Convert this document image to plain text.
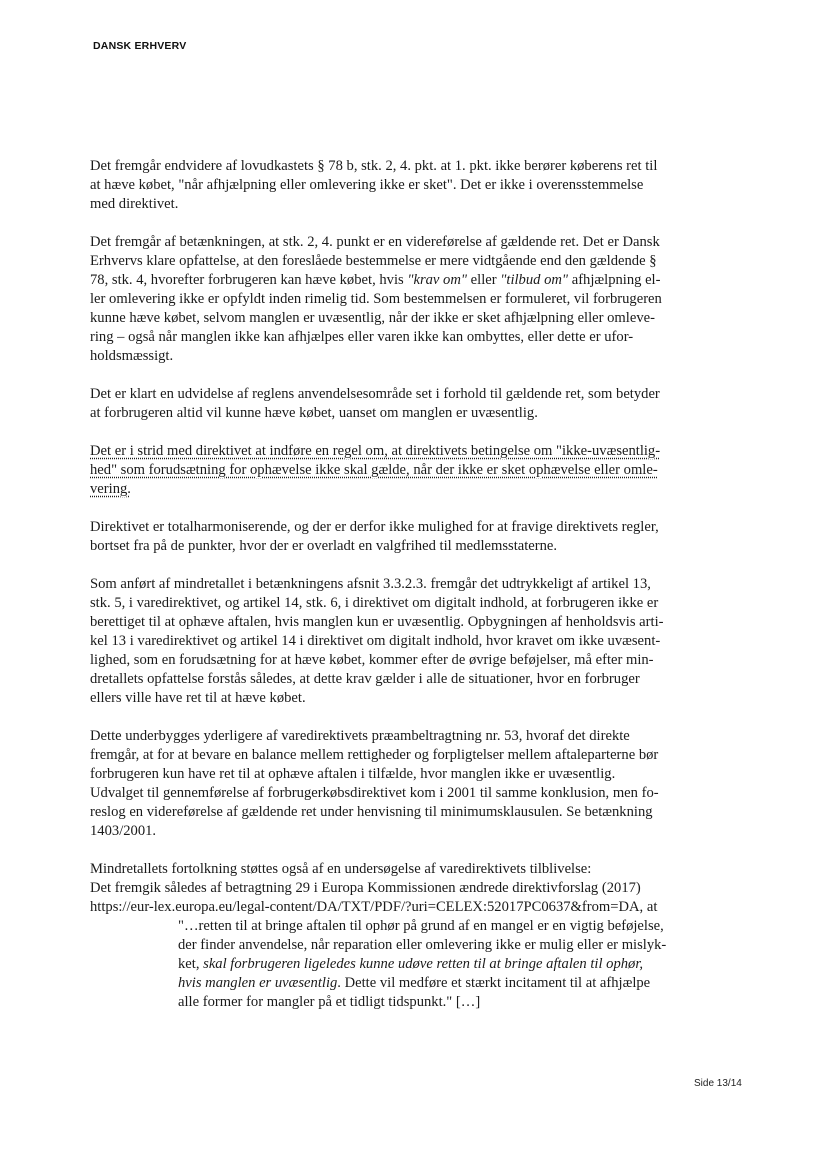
DANSK ERHVERV

Det fremgår endvidere af lovudkastets § 78 b, stk. 2, 4. pkt. at 1. pkt. ikke berører køberens ret til
at hæve købet, "når afhjælpning eller omlevering ikke er sket". Det er ikke i overensstemmelse
med direktivet.

Det fremgår af betænkningen, at stk. 2, 4. punkt er en videreførelse af gældende ret. Det er Dansk
Erhvervs klare opfattelse, at den foreslåede bestemmelse er mere vidtgående end den gældende §
78, stk. 4, hvorefter forbrugeren kan hæve købet, hvis "krav om" eller "tilbud om" afhjælpning el-
ler omlevering ikke er opfyldt inden rimelig tid. Som bestemmelsen er formuleret, vil forbrugeren
kunne hæve købet, selvom manglen er uvæsentlig, når der ikke er sket afhjælpning eller omleve-
ring – også når manglen ikke kan afhjælpes eller varen ikke kan ombyttes, eller dette er ufor-
holdsmæssigt.

Det er klart en udvidelse af reglens anvendelsesområde set i forhold til gældende ret, som betyder
at forbrugeren altid vil kunne hæve købet, uanset om manglen er uvæsentlig.

Det er i strid med direktivet at indføre en regel om, at direktivets betingelse om "ikke-uvæsentlig-
hed" som forudsætning for ophævelse ikke skal gælde, når der ikke er sket ophævelse eller omle-
vering.

Direktivet er totalharmoniserende, og der er derfor ikke mulighed for at fravige direktivets regler,
bortset fra på de punkter, hvor der er overladt en valgfrihed til medlemsstaterne.

Som anført af mindretallet i betænkningens afsnit 3.3.2.3. fremgår det udtrykkeligt af artikel 13,
stk. 5, i varedirektivet, og artikel 14, stk. 6, i direktivet om digitalt indhold, at forbrugeren ikke er
berettiget til at ophæve aftalen, hvis manglen kun er uvæsentlig. Opbygningen af henholdsvis arti-
kel 13 i varedirektivet og artikel 14 i direktivet om digitalt indhold, hvor kravet om ikke uvæsent-
lighed, som en forudsætning for at hæve købet, kommer efter de øvrige beføjelser, må efter min-
dretallets opfattelse forstås således, at dette krav gælder i alle de situationer, hvor en forbruger
ellers ville have ret til at hæve købet.

Dette underbygges yderligere af varedirektivets præambeltragtning nr. 53, hvoraf det direkte
fremgår, at for at bevare en balance mellem rettigheder og forpligtelser mellem aftaleparterne bør
forbrugeren kun have ret til at ophæve aftalen i tilfælde, hvor manglen ikke er uvæsentlig.
Udvalget til gennemførelse af forbrugerkøbsdirektivet kom i 2001 til samme konklusion, men fo-
reslog en videreførelse af gældende ret under henvisning til minimumsklausulen. Se betænkning
1403/2001.

Mindretallets fortolkning støttes også af en undersøgelse af varedirektivets tilblivelse:
Det fremgik således af betragtning 29 i Europa Kommissionen ændrede direktivforslag (2017)
https://eur-lex.europa.eu/legal-content/DA/TXT/PDF/?uri=CELEX:52017PC0637&from=DA, at

"…retten til at bringe aftalen til ophør på grund af en mangel er en vigtig beføjelse,
der finder anvendelse, når reparation eller omlevering ikke er mulig eller er mislyk-
ket, skal forbrugeren ligeledes kunne udøve retten til at bringe aftalen til ophør,
hvis manglen er uvæsentlig. Dette vil medføre et stærkt incitament til at afhjælpe
alle former for mangler på et tidligt tidspunkt." […]
Side 13/14
